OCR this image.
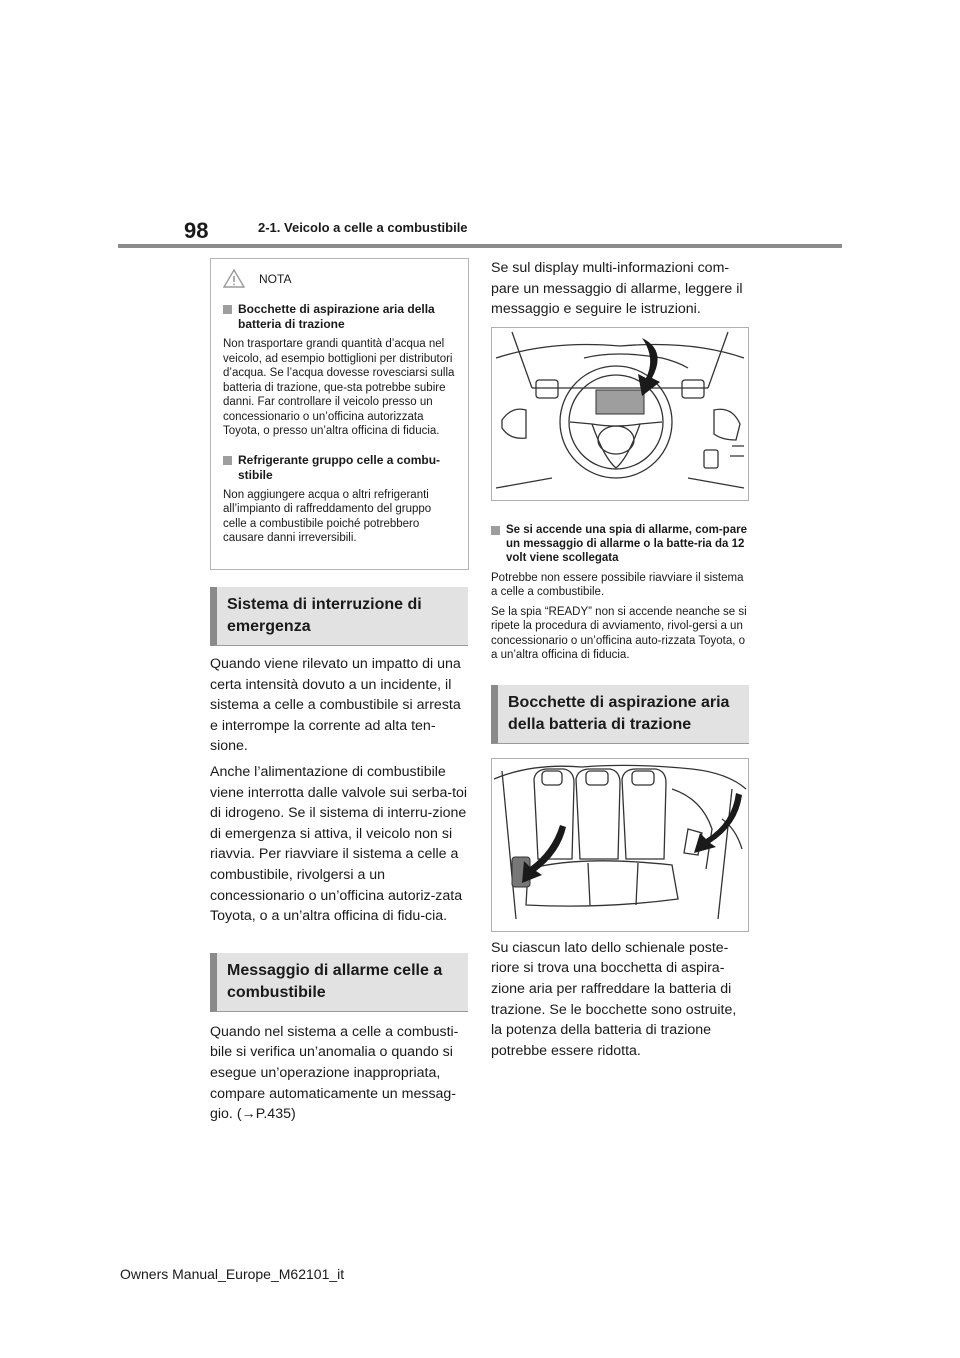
98	2-1. Veicolo a celle a combustibile
NOTA
Bocchette di aspirazione aria della batteria di trazione
Non trasportare grandi quantità d’acqua nel veicolo, ad esempio bottiglioni per distributori d’acqua. Se l’acqua dovesse rovesciarsi sulla batteria di trazione, que-sta potrebbe subire danni. Far controllare il veicolo presso un concessionario o un’officina autorizzata Toyota, o presso un’altra officina di fiducia.
Refrigerante gruppo celle a combu-stibile
Non aggiungere acqua o altri refrigeranti all’impianto di raffreddamento del gruppo celle a combustibile poiché potrebbero causare danni irreversibili.
Sistema di interruzione di emergenza

Quando viene rilevato un impatto di una certa intensità dovuto a un incidente, il sistema a celle a combustibile si arresta e interrompe la corrente ad alta ten-sione.

Anche l’alimentazione di combustibile viene interrotta dalle valvole sui serba-toi di idrogeno. Se il sistema di interru-zione di emergenza si attiva, il veicolo non si riavvia. Per riavviare il sistema a celle a combustibile, rivolgersi a un concessionario o un’officina autoriz-zata Toyota, o a un’altra officina di fidu-cia.

Messaggio di allarme celle a combustibile

Quando nel sistema a celle a combusti-bile si verifica un’anomalia o quando si esegue un’operazione inappropriata, compare automaticamente un messag-gio. (→P.435)

Se sul display multi-informazioni com-pare un messaggio di allarme, leggere il messaggio e seguire le istruzioni.
Se si accende una spia di allarme, com-pare un messaggio di allarme o la batte-ria da 12 volt viene scollegata
Potrebbe non essere possibile riavviare il sistema a celle a combustibile.
Se la spia “READY” non si accende neanche se si ripete la procedura di avviamento, rivol-gersi a un concessionario o un’officina auto-rizzata Toyota, o a un’altra officina di fiducia.
Bocchette di aspirazione aria della batteria di trazione
Su ciascun lato dello schienale poste-riore si trova una bocchetta di aspira-zione aria per raffreddare la batteria di trazione. Se le bocchette sono ostruite, la potenza della batteria di trazione potrebbe essere ridotta.
Owners Manual_Europe_M62101_it
